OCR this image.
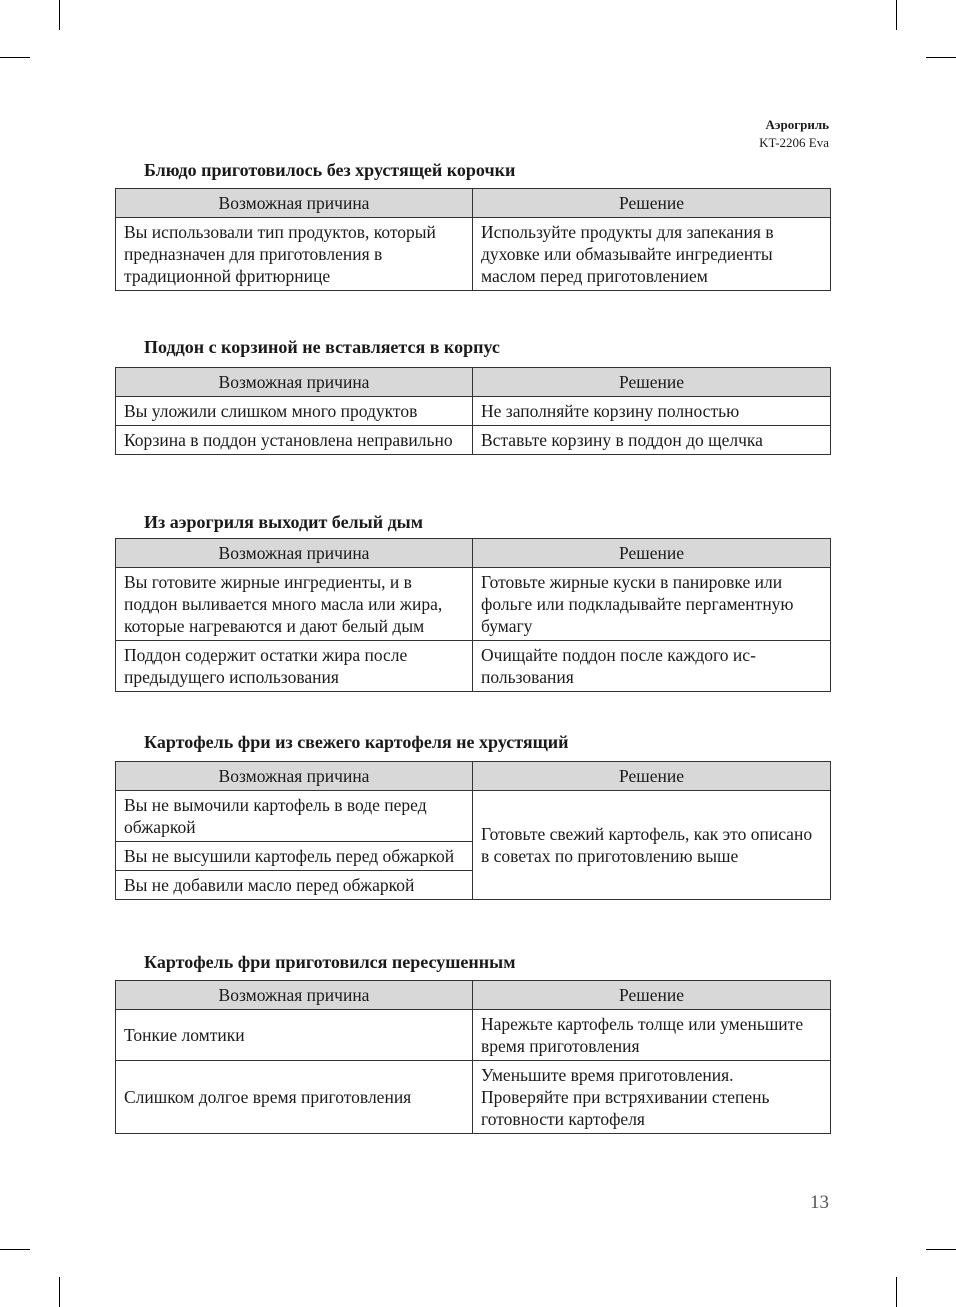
Аэрогриль
KT-2206 Eva
Блюдо приготовилось без хрустящей корочки
Возможная причина	Решение
Вы использовали тип продуктов, который предназначен для приготовления в традиционной фритюрнице	Используйте продукты для запекания в духовке или обмазывайте ингредиенты маслом перед приготовлением
Поддон с корзиной не вставляется в корпус
Возможная причина	Решение
Вы уложили слишком много продуктов	Не заполняйте корзину полностью
Корзина в поддон установлена неправильно	Вставьте корзину в поддон до щелчка
Из аэрогриля выходит белый дым
Возможная причина	Решение
Вы готовите жирные ингредиенты, и в поддон выливается много масла или жира, которые нагреваются и дают белый дым	Готовьте жирные куски в панировке или фольге или подкладывайте пергаментную бумагу
Поддон содержит остатки жира после предыдущего использования	Очищайте поддон после каждого использования
Картофель фри из свежего картофеля не хрустящий
Возможная причина	Решение
Вы не вымочили картофель в воде перед обжаркой	Готовьте свежий картофель, как это описано в советах по приготовлению выше
Вы не высушили картофель перед обжаркой	
Вы не добавили масло перед обжаркой	
Картофель фри приготовился пересушенным
Возможная причина	Решение
Тонкие ломтики	Нарежьте картофель толще или уменьшите время приготовления
Слишком долгое время приготовления	Уменьшите время приготовления. Проверяйте при встряхивании степень готовности картофеля
13
